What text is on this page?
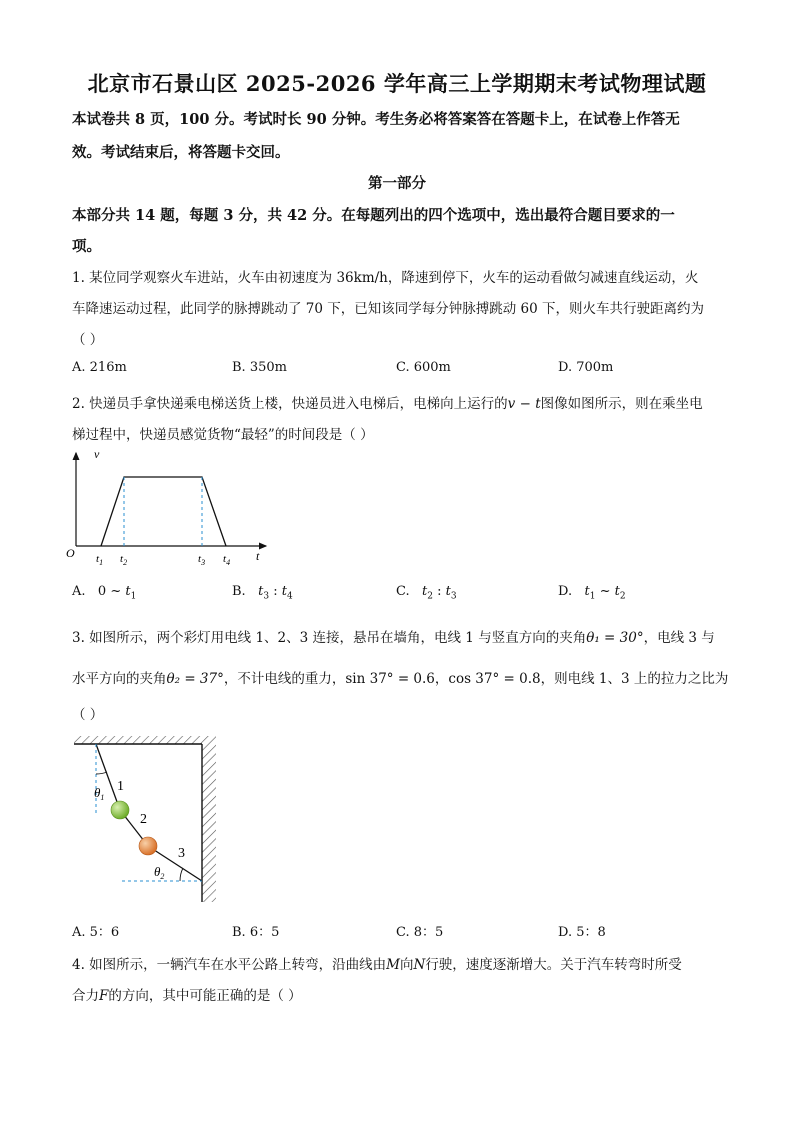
北京市石景山区 2025-2026 学年高三上学期期末考试物理试题
本试卷共 8 页，100 分。考试时长 90 分钟。考生务必将答案答在答题卡上，在试卷上作答无
效。考试结束后，将答题卡交回。
第一部分
本部分共 14 题，每题 3 分，共 42 分。在每题列出的四个选项中，选出最符合题目要求的一
项。
1. 某位同学观察火车进站，火车由初速度为 36km/h，降速到停下，火车的运动看做匀减速直线运动，火
车降速运动过程，此同学的脉搏跳动了 70 下，已知该同学每分钟脉搏跳动 60 下，则火车共行驶距离约为
（ ）
A. 216m	B. 350m	C. 600m	D. 700m
2. 快递员手拿快递乘电梯送货上楼，快递员进入电梯后，电梯向上运行的v − t图像如图所示，则在乘坐电
梯过程中，快递员感觉货物“最轻”的时间段是（ ）
v
t
O $t_1$ $t_2$	$t_3$ $t_4$
A.   0 ~ $t_1$	B.   $t_3$ : $t_4$	C.   $t_2$ : $t_3$	D.   $t_1$ ~ $t_2$
3. 如图所示，两个彩灯用电线 1、2、3 连接，悬吊在墙角，电线 1 与竖直方向的夹角θ₁ = 30°，电线 3 与
水平方向的夹角θ₂ = 37°，不计电线的重力，sin 37° = 0.6，cos 37° = 0.8，则电线 1、3 上的拉力之比为
（ ）
1
2
3
$\theta_1$
$\theta_2$
A. 5：6	B. 6：5	C. 8：5	D. 5：8
4. 如图所示，一辆汽车在水平公路上转弯，沿曲线由M向N行驶，速度逐渐增大。关于汽车转弯时所受
合力F的方向，其中可能正确的是（ ）
